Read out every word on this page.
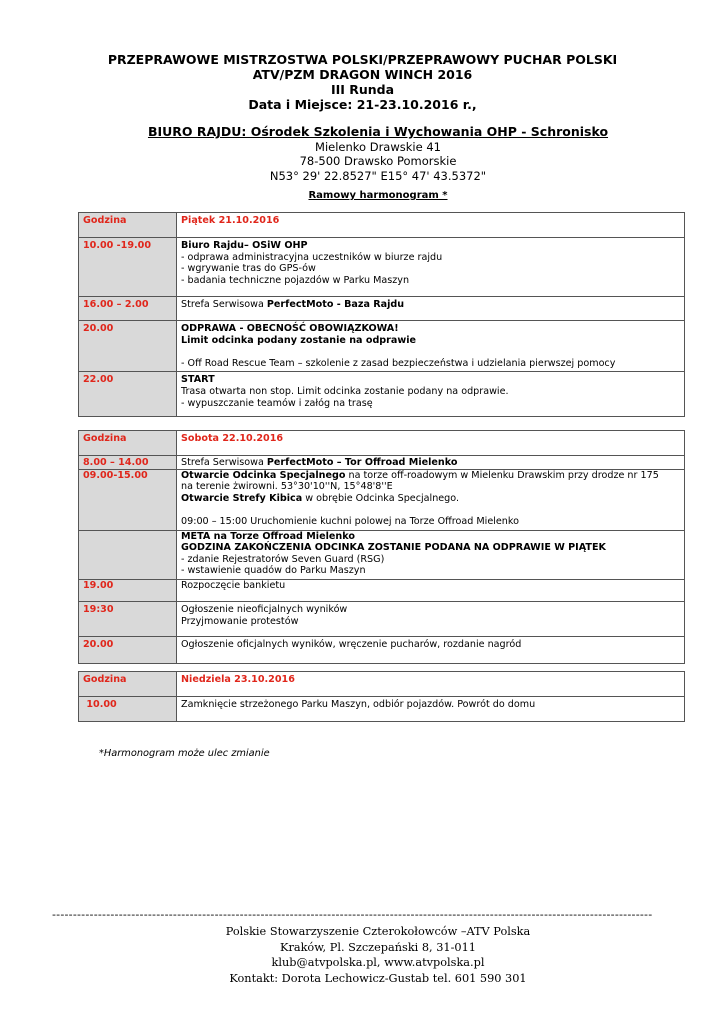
PRZEPRAWOWE MISTRZOSTWA POLSKI/PRZEPRAWOWY PUCHAR POLSKI
ATV/PZM DRAGON WINCH 2016
III Runda
Data i Miejsce: 21-23.10.2016 r.,
BIURO RAJDU: Ośrodek Szkolenia i Wychowania OHP - Schronisko
Mielenko Drawskie 41
78-500 Drawsko Pomorskie
N53° 29' 22.8527" E15° 47' 43.5372"
Ramowy harmonogram *
Godzina	Piątek 21.10.2016
10.00 -19.00	Biuro Rajdu– OSiW OHP
- odprawa administracyjna uczestników w biurze rajdu
- wgrywanie tras do GPS-ów
- badania techniczne pojazdów w Parku Maszyn

16.00 – 2.00	Strefa Serwisowa PerfectMoto - Baza Rajdu
20.00	ODPRAWA - OBECNOŚĆ OBOWIĄZKOWA!
Limit odcinka podany zostanie na odprawie
- Off Road Rescue Team – szkolenie z zasad bezpieczeństwa i udzielania pierwszej pomocy

22.00	START
Trasa otwarta non stop. Limit odcinka zostanie podany na odprawie.
- wypuszczanie teamów i załóg na trasę
Godzina	Sobota 22.10.2016
8.00 – 14.00	Strefa Serwisowa PerfectMoto – Tor Offroad Mielenko
09.00-15.00	Otwarcie Odcinka Specjalnego na torze off-roadowym w Mielenku Drawskim przy drodze nr 175
na terenie żwirowni. 53°30'10''N, 15°48'8''E
Otwarcie Strefy Kibica w obrębie Odcinka Specjalnego.
09:00 – 15:00 Uruchomienie kuchni polowej na Torze Offroad Mielenko

	META na Torze Offroad Mielenko
GODZINA ZAKOŃCZENIA ODCINKA ZOSTANIE PODANA NA ODPRAWIE W PIĄTEK
- zdanie Rejestratorów Seven Guard (RSG)
- wstawienie quadów do Parku Maszyn

19.00	Rozpoczęcie bankietu
19:30	Ogłoszenie nieoficjalnych wyników
Przyjmowanie protestów

20.00	Ogłoszenie oficjalnych wyników, wręczenie pucharów, rozdanie nagród
Godzina	Niedziela 23.10.2016
10.00	Zamknięcie strzeżonego Parku Maszyn, odbiór pojazdów. Powrót do domu
*Harmonogram może ulec zmianie
------------------------------------------------------------------------------------------------------------------------------------------------
Polskie Stowarzyszenie Czterokołowców –ATV Polska
Kraków, Pl. Szczepański 8, 31-011
klub@atvpolska.pl, www.atvpolska.pl
Kontakt: Dorota Lechowicz-Gustab tel. 601 590 301
